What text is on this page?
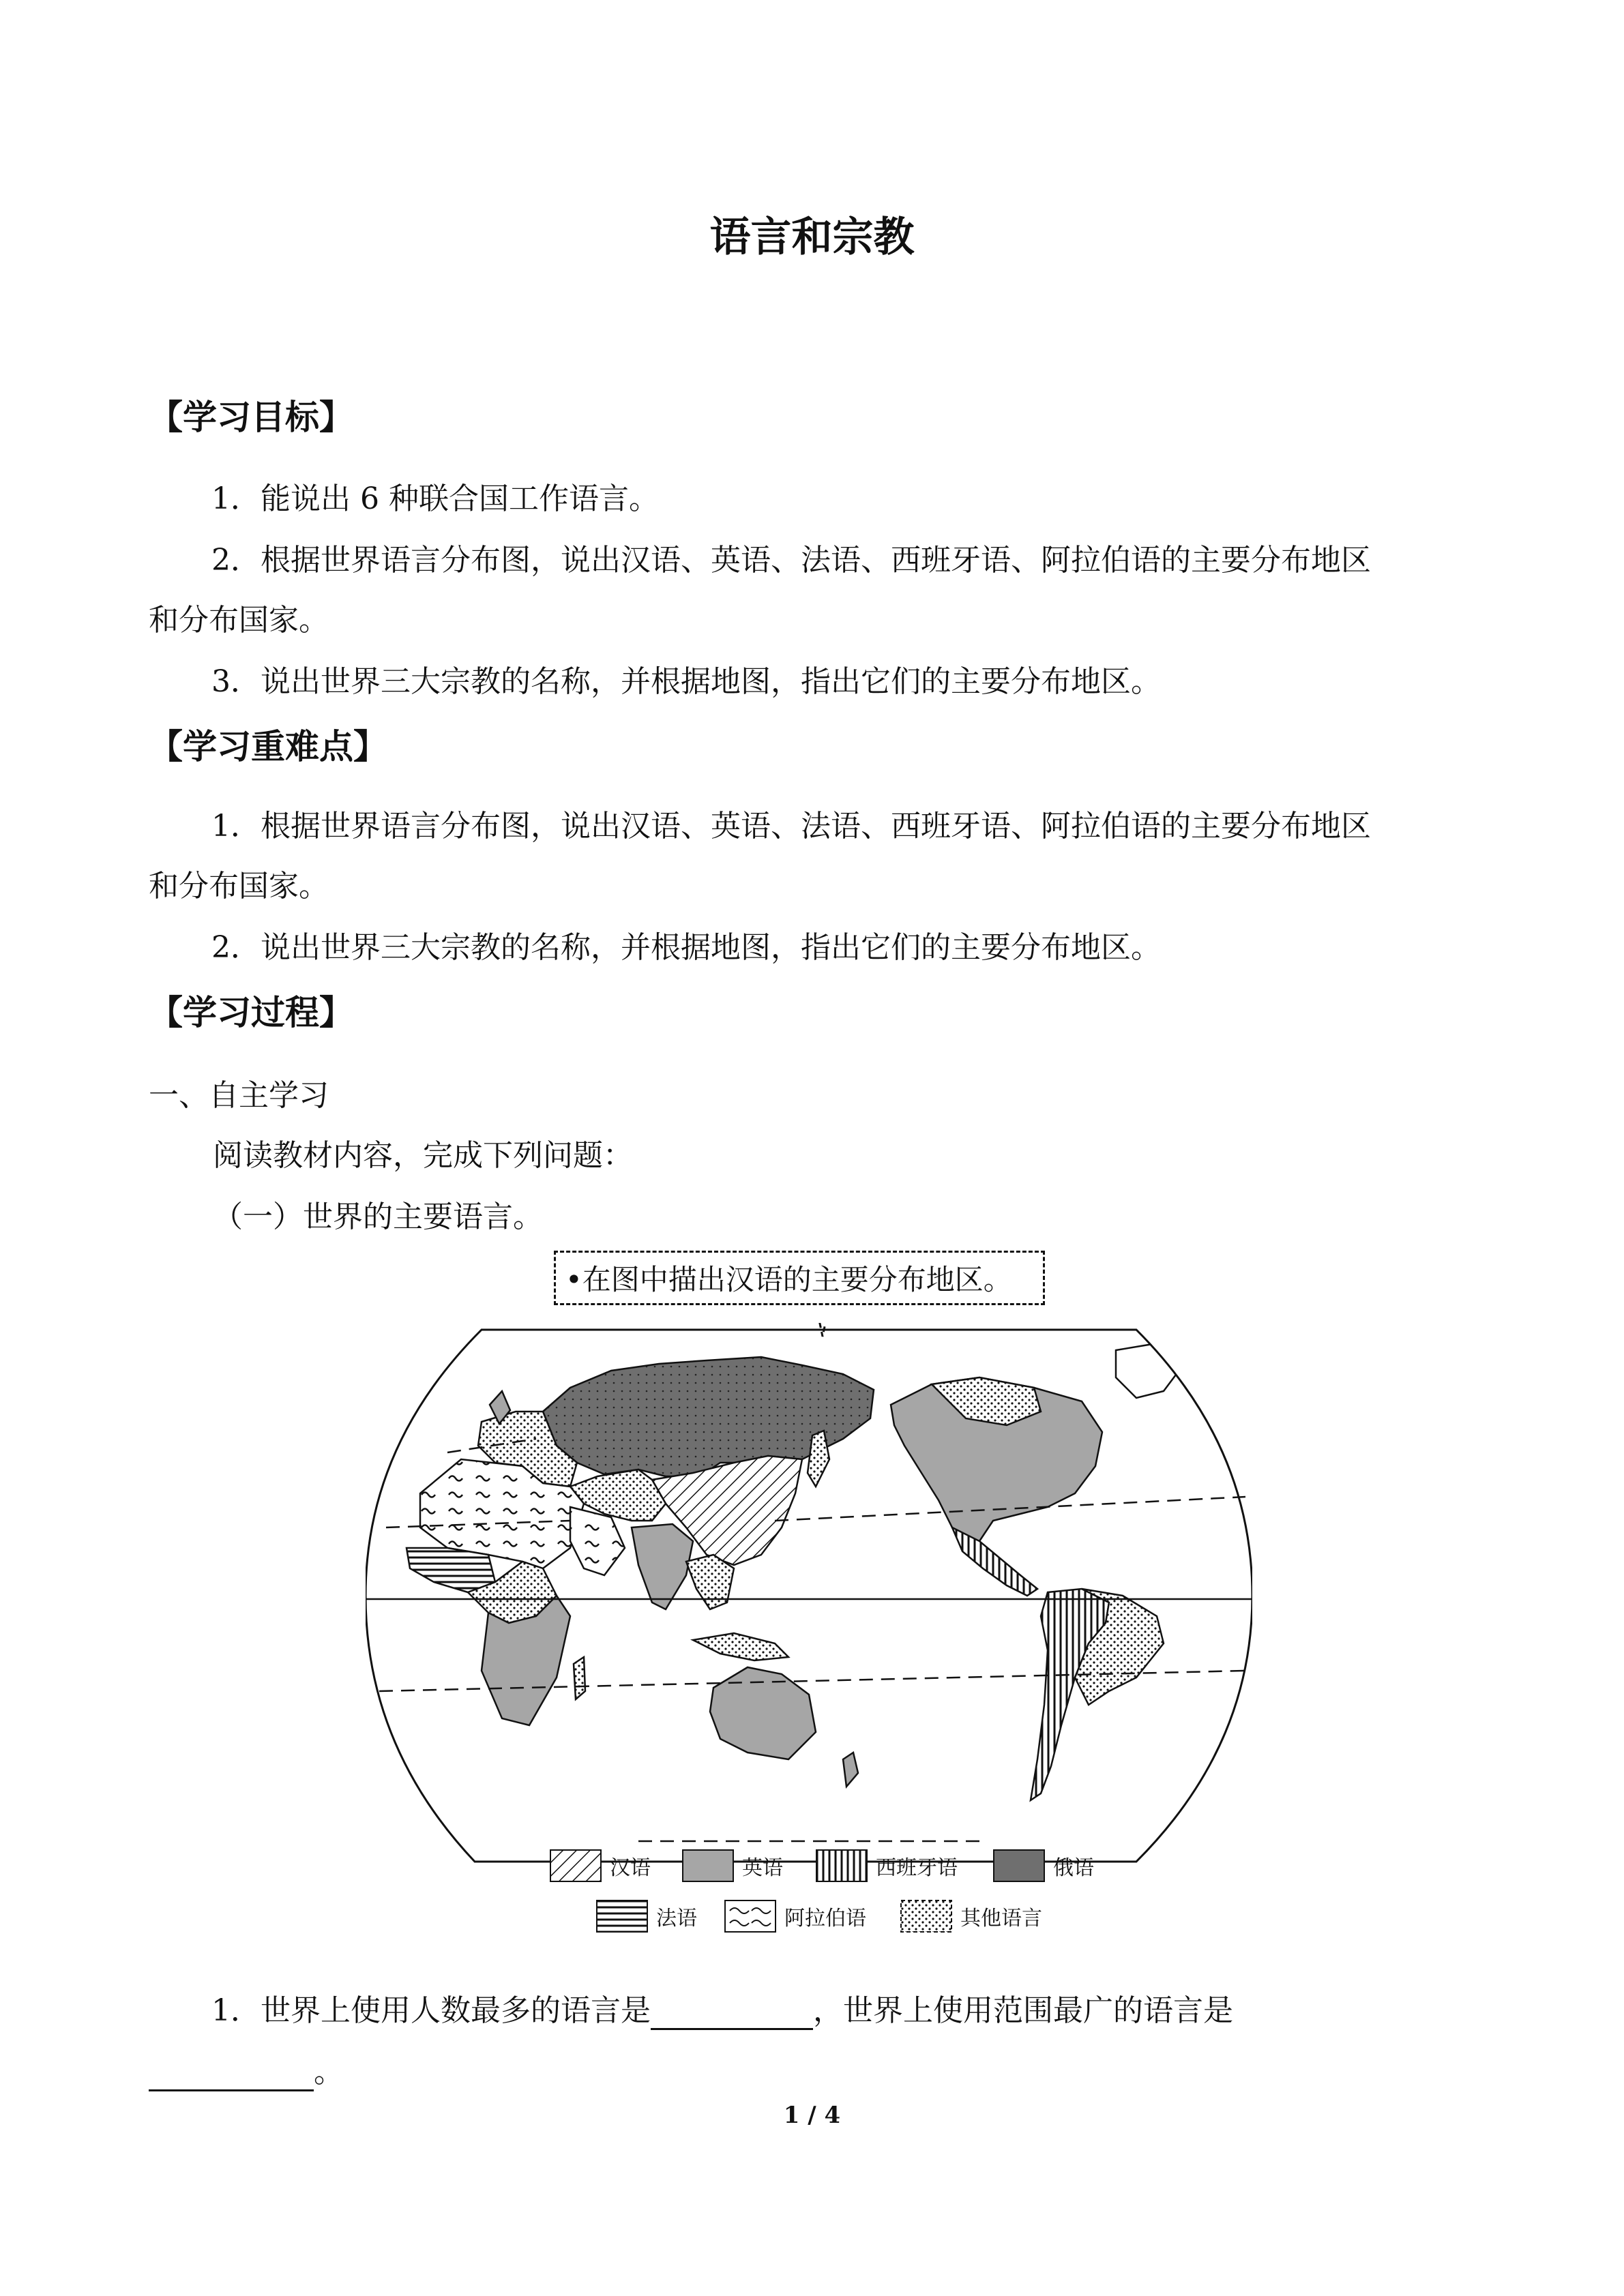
语言和宗教
【学习目标】
1．能说出 6 种联合国工作语言。
2．根据世界语言分布图，说出汉语、英语、法语、西班牙语、阿拉伯语的主要分布地区
和分布国家。
3．说出世界三大宗教的名称，并根据地图，指出它们的主要分布地区。
【学习重难点】
1．根据世界语言分布图，说出汉语、英语、法语、西班牙语、阿拉伯语的主要分布地区
和分布国家。
2．说出世界三大宗教的名称，并根据地图，指出它们的主要分布地区。
【学习过程】
一、自主学习
阅读教材内容，完成下列问题：
（一）世界的主要语言。
•在图中描出汉语的主要分布地区。
汉语	英语	西班牙语	俄语
法语	阿拉伯语	其他语言
1．世界上使用人数最多的语言是	，世界上使用范围最广的语言是
。
1 / 4
